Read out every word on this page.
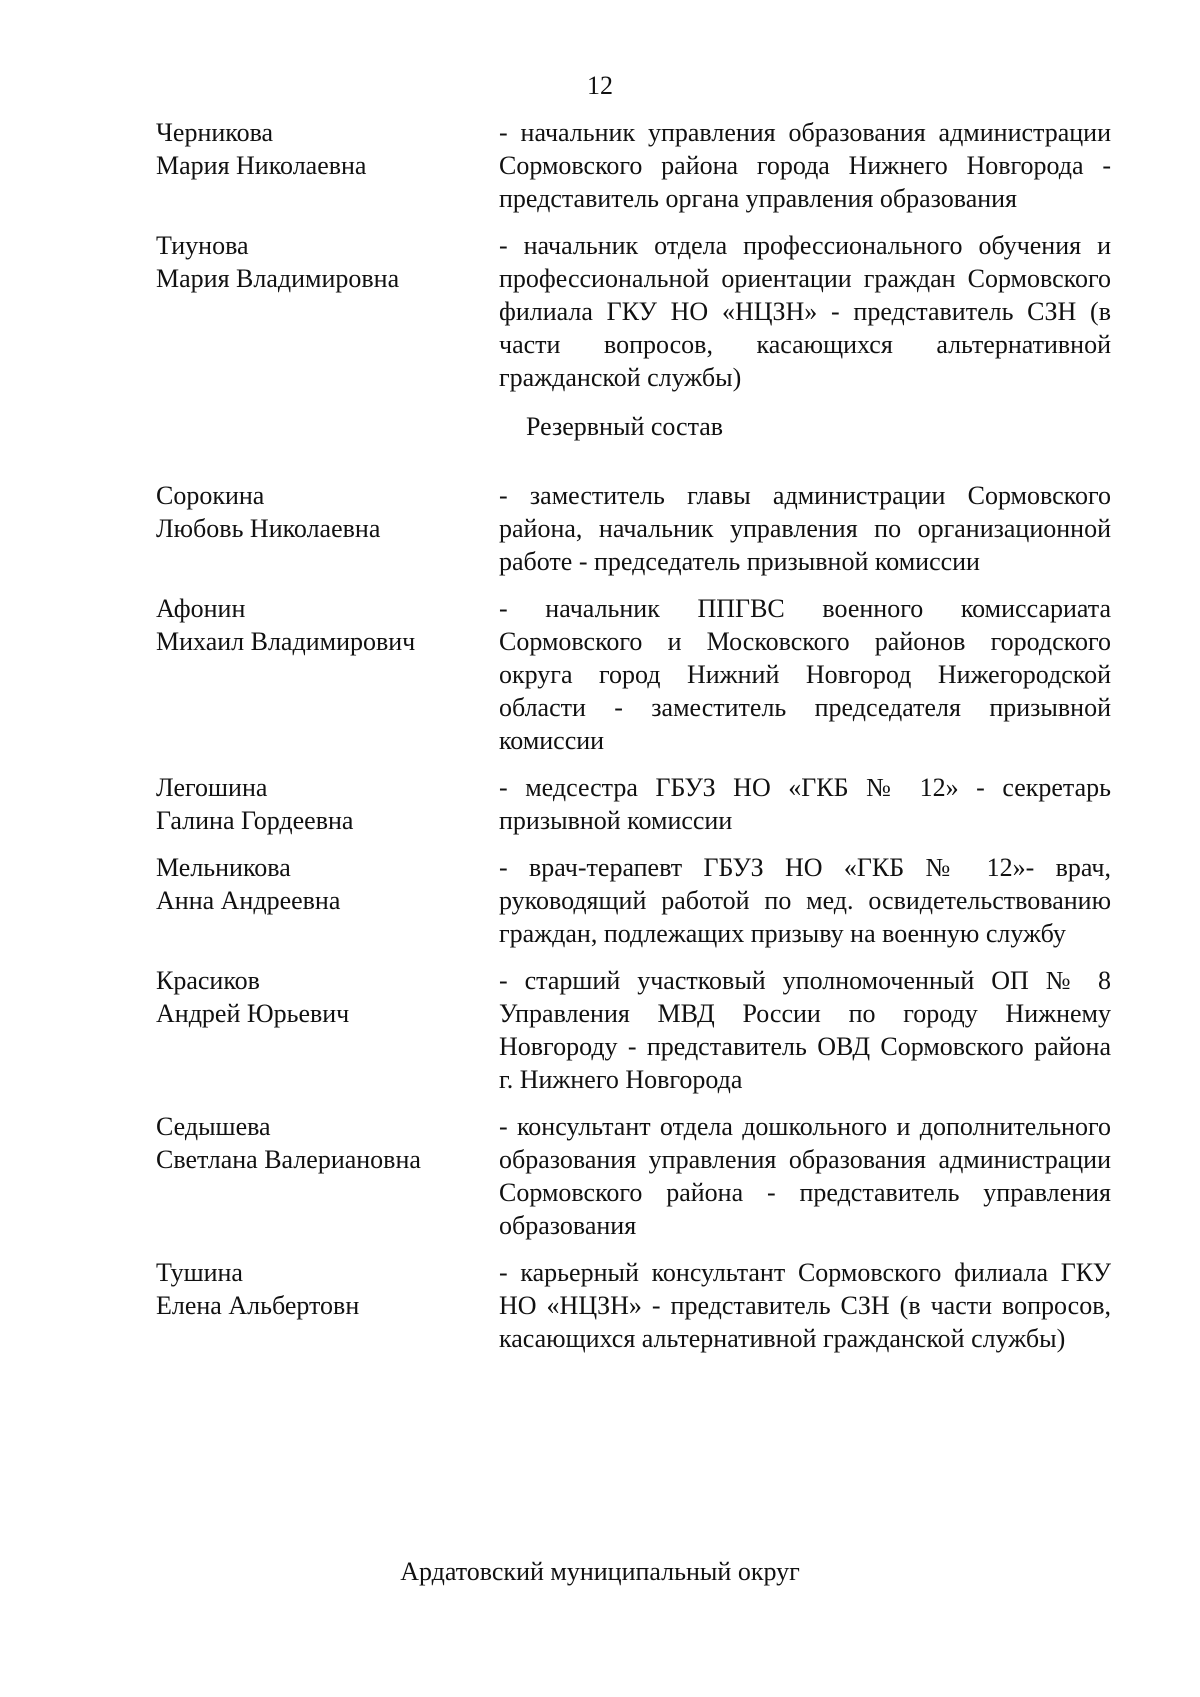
12
Черникова
Мария Николаевна
- начальник управления образования администрации Сормовского района города Нижнего Новгорода - представитель органа управления образования
Тиунова
Мария Владимировна
- начальник отдела профессионального обучения и профессиональной ориентации граждан Сормовского филиала ГКУ НО «НЦЗН» - представитель СЗН (в части вопросов, касающихся альтернативной гражданской службы)
Резервный состав
Сорокина
Любовь Николаевна
- заместитель главы администрации Сормовского района, начальник управления по организационной работе - председатель призывной комиссии
Афонин
Михаил Владимирович
- начальник ППГВС военного комиссариата Сормовского и Московского районов городского округа город Нижний Новгород Нижегородской области - заместитель председателя призывной комиссии
Легошина
Галина Гордеевна
- медсестра ГБУЗ НО «ГКБ № 12» - секретарь призывной комиссии
Мельникова
Анна Андреевна
- врач-терапевт ГБУЗ НО «ГКБ № 12»- врач, руководящий работой по мед. освидетельствованию граждан, подлежащих призыву на военную службу
Красиков
Андрей Юрьевич
- старший участковый уполномоченный ОП № 8 Управления МВД России по городу Нижнему Новгороду - представитель ОВД Сормовского района г. Нижнего Новгорода
Седышева
Светлана Валериановна
- консультант отдела дошкольного и дополнительного образования управления образования администрации Сормовского района - представитель управления образования
Тушина
Елена Альбертовн
- карьерный консультант Сормовского филиала ГКУ НО «НЦЗН» - представитель СЗН (в части вопросов, касающихся альтернативной гражданской службы)
Ардатовский муниципальный округ
